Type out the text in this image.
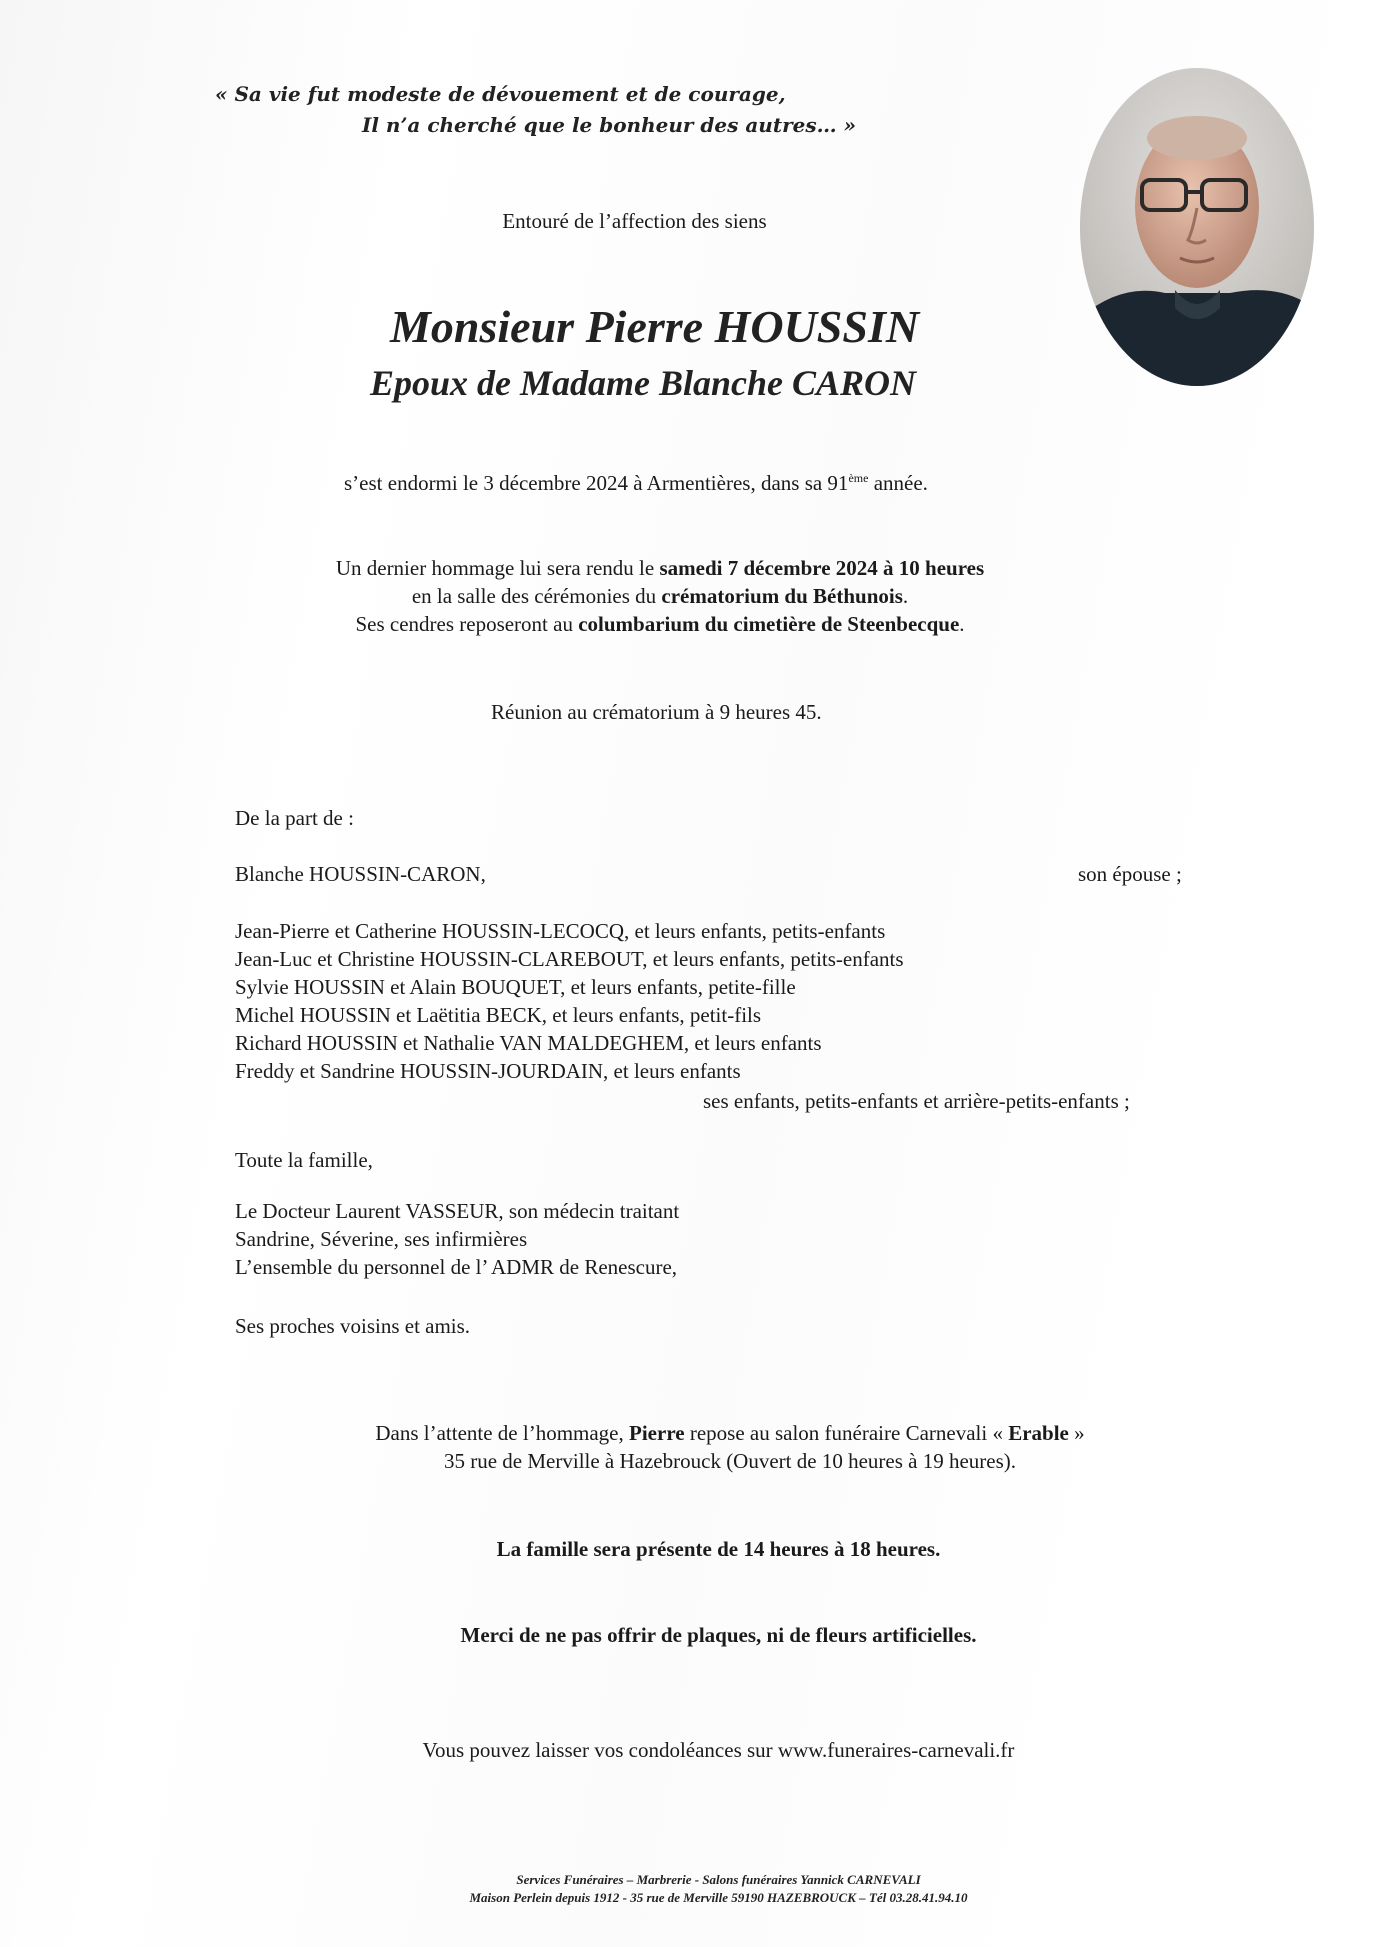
« Sa vie fut modeste de dévouement et de courage,
Il n’a cherché que le bonheur des autres… »
Entouré de l’affection des siens
Monsieur Pierre HOUSSIN
Epoux de Madame Blanche CARON
s’est endormi le 3 décembre 2024 à Armentières, dans sa 91ème année.
Un dernier hommage lui sera rendu le samedi 7 décembre 2024 à 10 heures
en la salle des cérémonies du crématorium du Béthunois.
Ses cendres reposeront au columbarium du cimetière de Steenbecque.
Réunion au crématorium à 9 heures 45.
De la part de :
Blanche HOUSSIN-CARON,	son épouse ;
Jean-Pierre et Catherine HOUSSIN-LECOCQ, et leurs enfants, petits-enfants
Jean-Luc et Christine HOUSSIN-CLAREBOUT, et leurs enfants, petits-enfants
Sylvie HOUSSIN et Alain BOUQUET, et leurs enfants, petite-fille
Michel HOUSSIN et Laëtitia BECK, et leurs enfants, petit-fils
Richard HOUSSIN et Nathalie VAN MALDEGHEM, et leurs enfants
Freddy et Sandrine HOUSSIN-JOURDAIN, et leurs enfants
ses enfants, petits-enfants et arrière-petits-enfants ;
Toute la famille,
Le Docteur Laurent VASSEUR, son médecin traitant
Sandrine, Séverine, ses infirmières
L’ensemble du personnel de l’ ADMR de Renescure,
Ses proches voisins et amis.
Dans l’attente de l’hommage, Pierre repose au salon funéraire Carnevali « Erable »
35 rue de Merville à Hazebrouck (Ouvert de 10 heures à 19 heures).
La famille sera présente de 14 heures à 18 heures.
Merci de ne pas offrir de plaques, ni de fleurs artificielles.
Vous pouvez laisser vos condoléances sur www.funeraires-carnevali.fr
Services Funéraires – Marbrerie - Salons funéraires Yannick CARNEVALI
Maison Perlein depuis 1912 - 35 rue de Merville 59190 HAZEBROUCK – Tél 03.28.41.94.10
